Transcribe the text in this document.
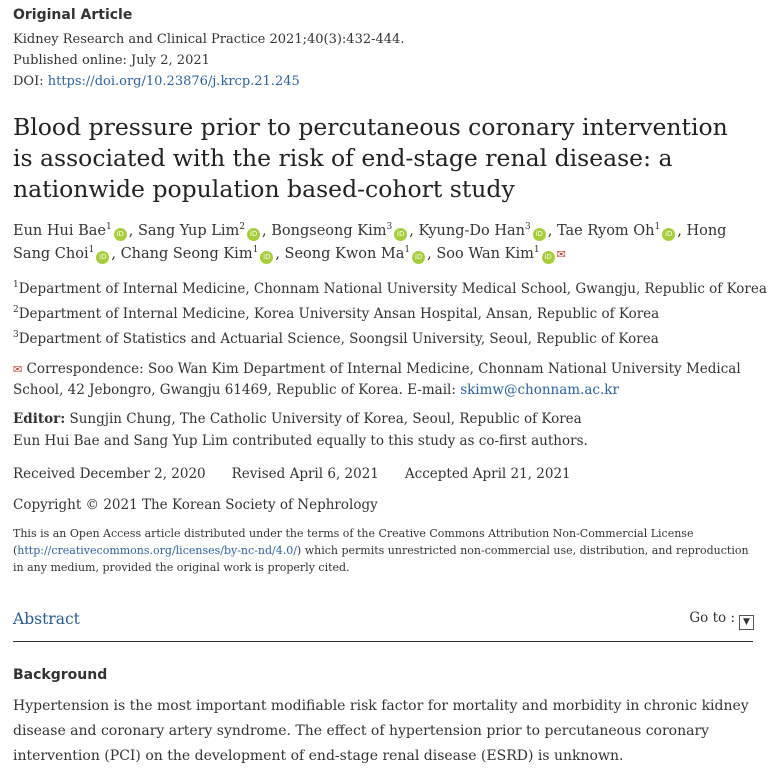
Original Article
Kidney Research and Clinical Practice 2021;40(3):432-444.
Published online: July 2, 2021
DOI: https://doi.org/10.23876/j.krcp.21.245
Blood pressure prior to percutaneous coronary intervention is associated with the risk of end-stage renal disease: a nationwide population based-cohort study
Eun Hui Bae$^1$iD , Sang Yup Lim$^2$iD , Bongseong Kim$^3$iD , Kyung-Do Han$^3$iD , Tae Ryom Oh$^1$iD , Hong Sang Choi$^1$iD , Chang Seong Kim$^1$iD , Seong Kwon Ma$^1$iD , Soo Wan Kim$^1$iD ✉
$^1$Department of Internal Medicine, Chonnam National University Medical School, Gwangju, Republic of Korea
$^2$Department of Internal Medicine, Korea University Ansan Hospital, Ansan, Republic of Korea
$^3$Department of Statistics and Actuarial Science, Soongsil University, Seoul, Republic of Korea
✉ Correspondence: Soo Wan Kim Department of Internal Medicine, Chonnam National University Medical School, 42 Jebongro, Gwangju 61469, Republic of Korea. E-mail: skimw@chonnam.ac.kr
Editor: Sungjin Chung, The Catholic University of Korea, Seoul, Republic of Korea
Eun Hui Bae and Sang Yup Lim contributed equally to this study as co-first authors.
Received December 2, 2020 Revised April 6, 2021 Accepted April 21, 2021
Copyright © 2021 The Korean Society of Nephrology
This is an Open Access article distributed under the terms of the Creative Commons Attribution Non-Commercial License (http://creativecommons.org/licenses/by-nc-nd/4.0/) which permits unrestricted non-commercial use, distribution, and reproduction in any medium, provided the original work is properly cited.
Abstract	Go to : ▼
Background
Hypertension is the most important modifiable risk factor for mortality and morbidity in chronic kidney disease and coronary artery syndrome. The effect of hypertension prior to percutaneous coronary intervention (PCI) on the development of end-stage renal disease (ESRD) is unknown.
